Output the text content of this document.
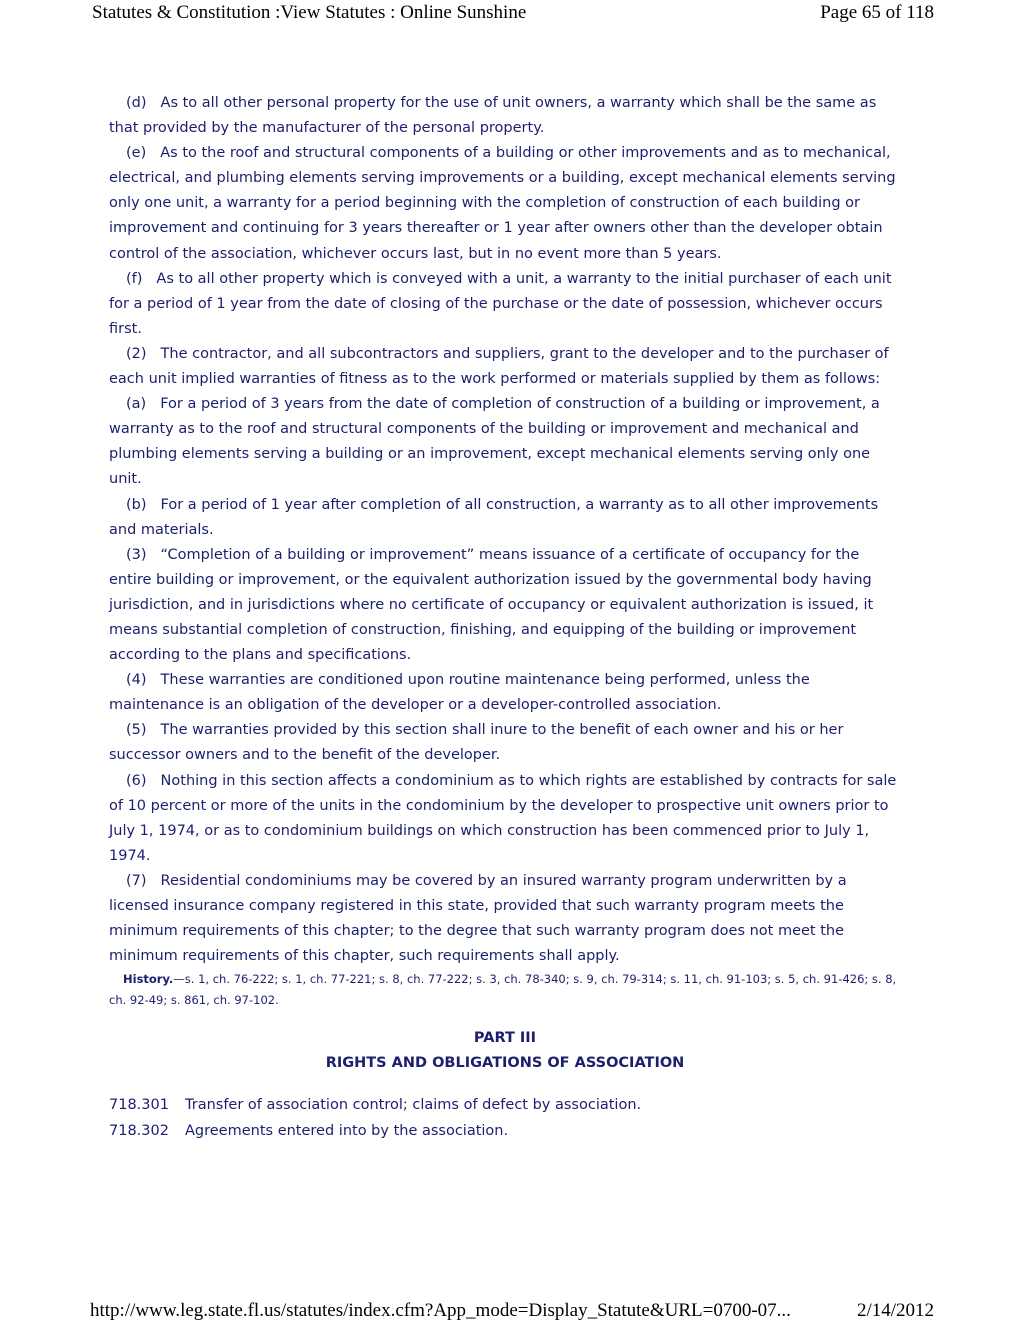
Statutes & Constitution :View Statutes : Online Sunshine	Page 65 of 118

(d) As to all other personal property for the use of unit owners, a warranty which shall be the same as that provided by the manufacturer of the personal property.

(e) As to the roof and structural components of a building or other improvements and as to mechanical, electrical, and plumbing elements serving improvements or a building, except mechanical elements serving only one unit, a warranty for a period beginning with the completion of construction of each building or improvement and continuing for 3 years thereafter or 1 year after owners other than the developer obtain control of the association, whichever occurs last, but in no event more than 5 years.

(f) As to all other property which is conveyed with a unit, a warranty to the initial purchaser of each unit for a period of 1 year from the date of closing of the purchase or the date of possession, whichever occurs first.

(2) The contractor, and all subcontractors and suppliers, grant to the developer and to the purchaser of each unit implied warranties of fitness as to the work performed or materials supplied by them as follows:

(a) For a period of 3 years from the date of completion of construction of a building or improvement, a warranty as to the roof and structural components of the building or improvement and mechanical and plumbing elements serving a building or an improvement, except mechanical elements serving only one unit.

(b) For a period of 1 year after completion of all construction, a warranty as to all other improvements and materials.

(3) “Completion of a building or improvement” means issuance of a certificate of occupancy for the entire building or improvement, or the equivalent authorization issued by the governmental body having jurisdiction, and in jurisdictions where no certificate of occupancy or equivalent authorization is issued, it means substantial completion of construction, finishing, and equipping of the building or improvement according to the plans and specifications.

(4) These warranties are conditioned upon routine maintenance being performed, unless the maintenance is an obligation of the developer or a developer-controlled association.

(5) The warranties provided by this section shall inure to the benefit of each owner and his or her successor owners and to the benefit of the developer.

(6) Nothing in this section affects a condominium as to which rights are established by contracts for sale of 10 percent or more of the units in the condominium by the developer to prospective unit owners prior to July 1, 1974, or as to condominium buildings on which construction has been commenced prior to July 1, 1974.

(7) Residential condominiums may be covered by an insured warranty program underwritten by a licensed insurance company registered in this state, provided that such warranty program meets the minimum requirements of this chapter; to the degree that such warranty program does not meet the minimum requirements of this chapter, such requirements shall apply.

History.—s. 1, ch. 76-222; s. 1, ch. 77-221; s. 8, ch. 77-222; s. 3, ch. 78-340; s. 9, ch. 79-314; s. 11, ch. 91-103; s. 5, ch. 91-426; s. 8, ch. 92-49; s. 861, ch. 97-102.

PART III

RIGHTS AND OBLIGATIONS OF ASSOCIATION

718.301	Transfer of association control; claims of defect by association.
718.302	Agreements entered into by the association.
http://www.leg.state.fl.us/statutes/index.cfm?App_mode=Display_Statute&URL=0700-07...	2/14/2012
